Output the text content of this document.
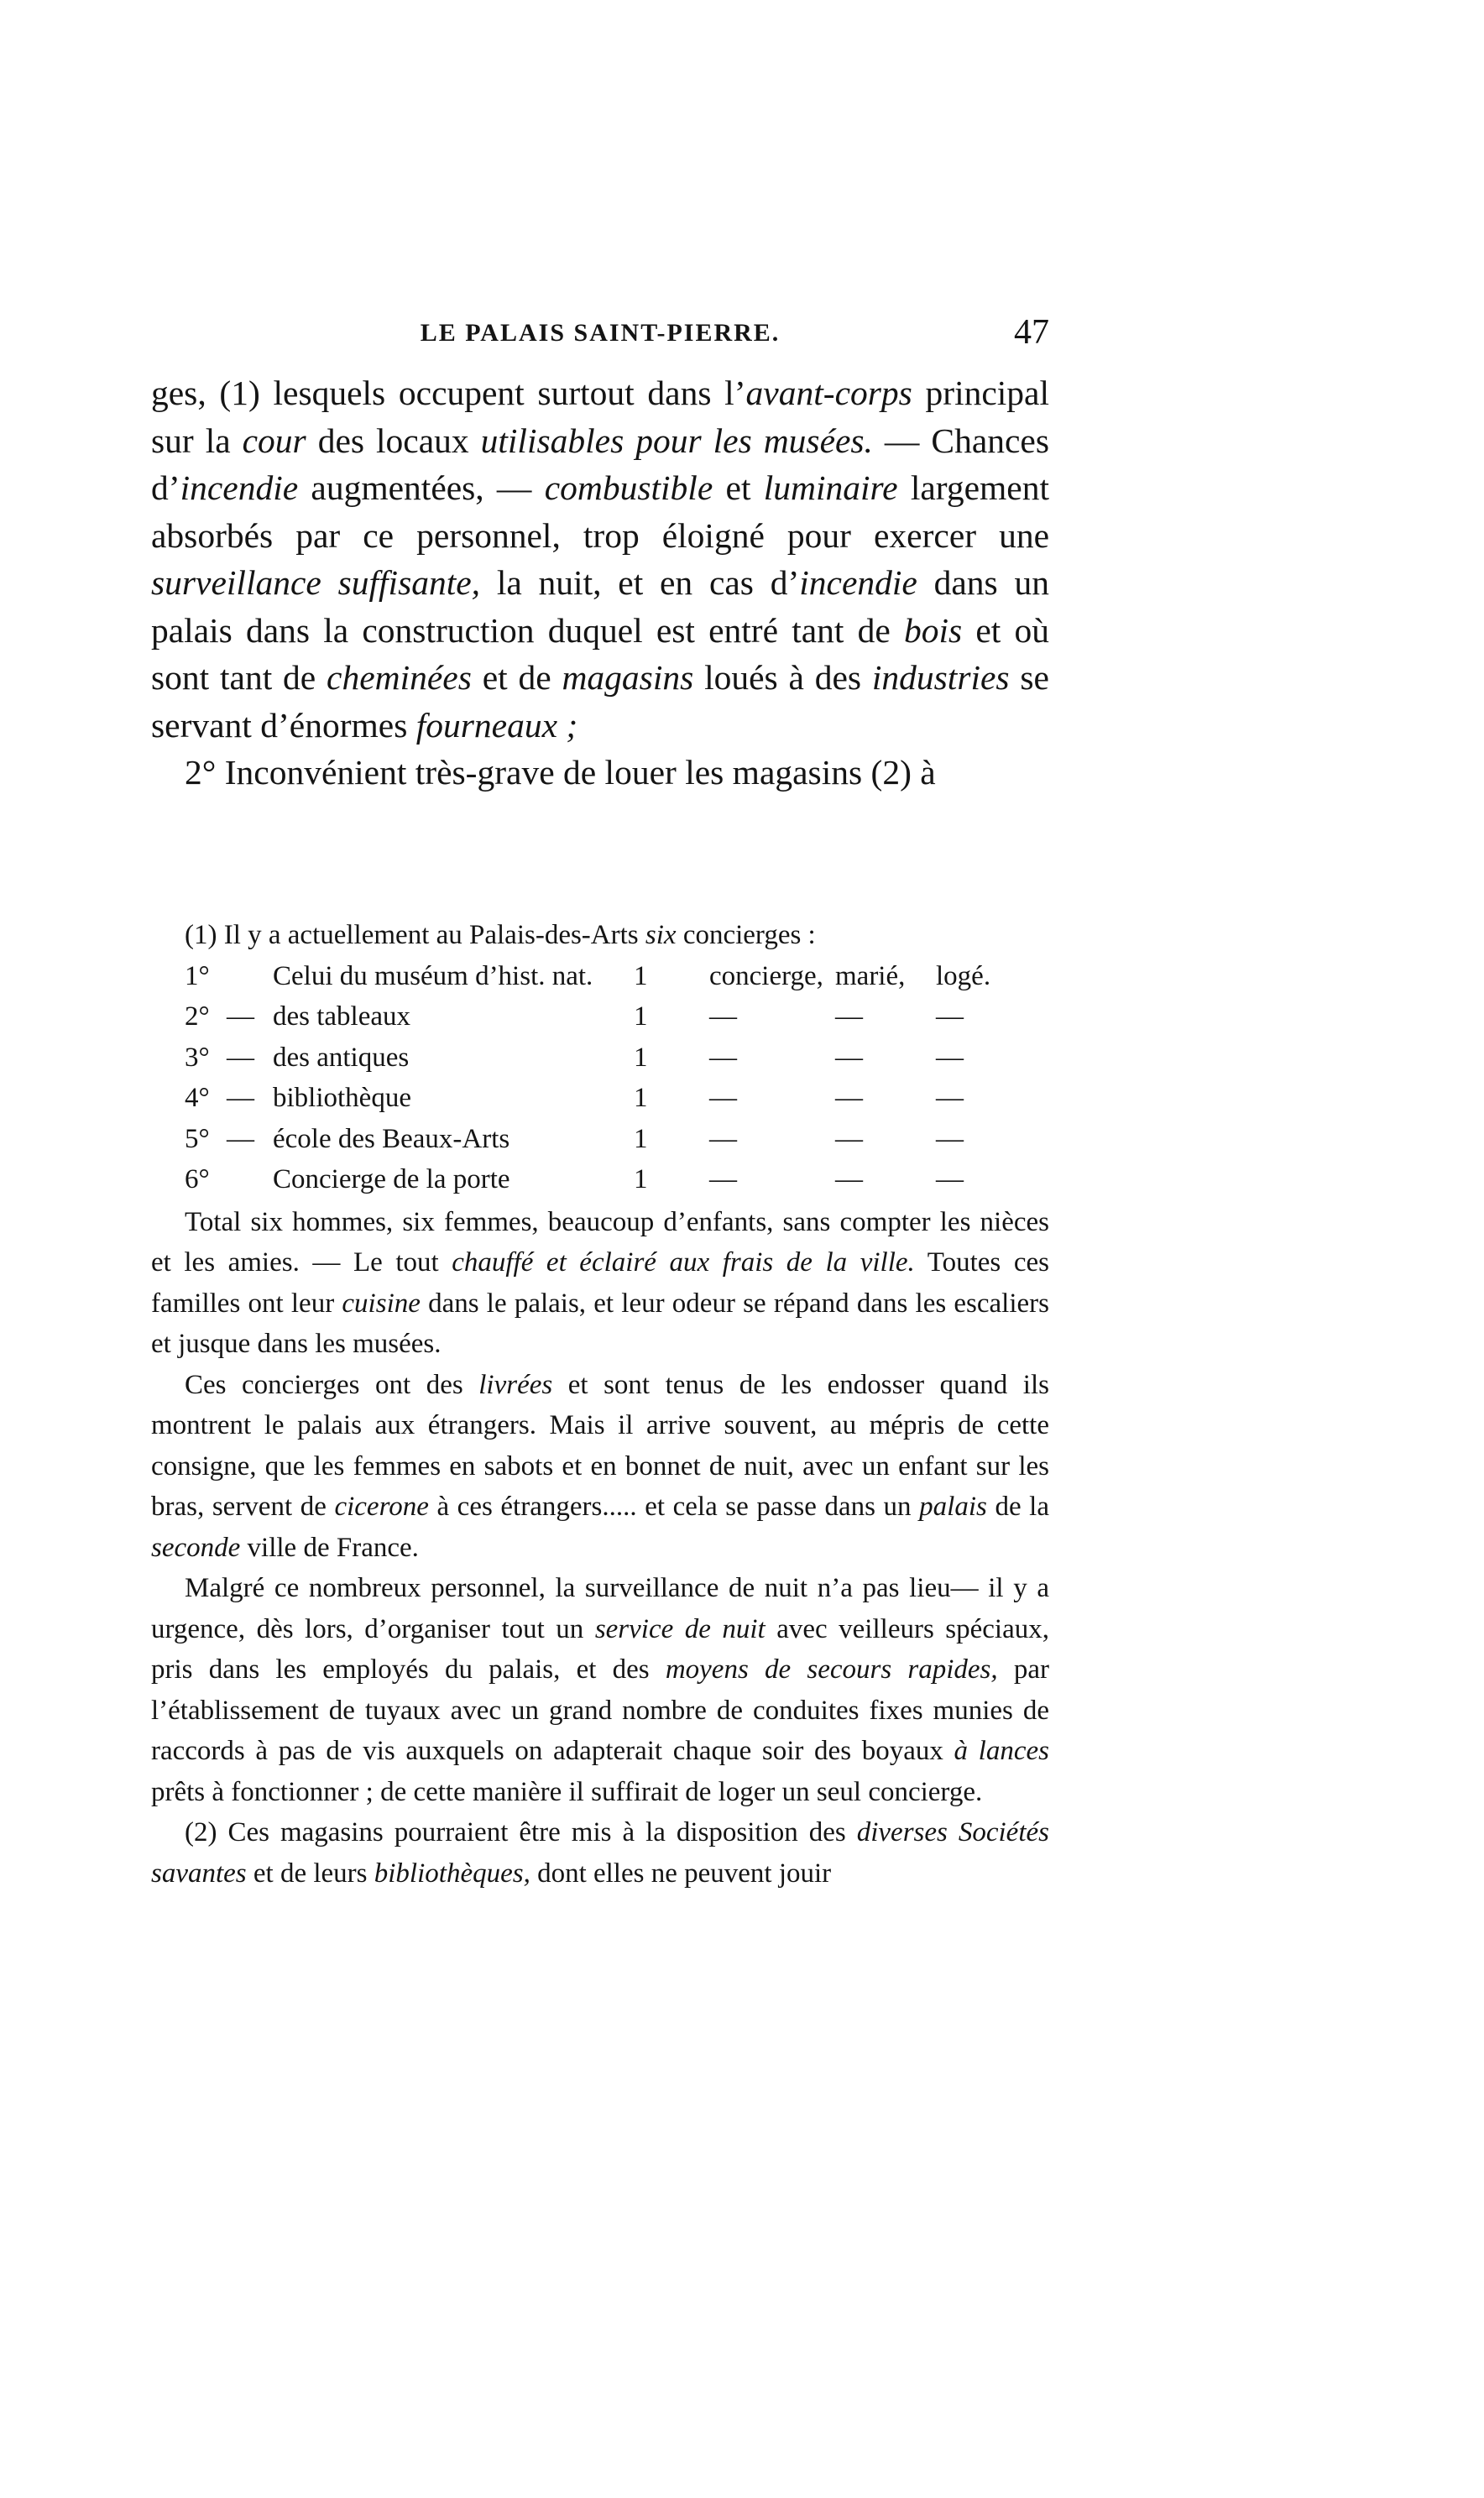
LE PALAIS SAINT-PIERRE.	47

ges, (1) lesquels occupent surtout dans l’avant-corps principal sur la cour des locaux utilisables pour les musées. — Chances d’incendie augmentées, — combustible et luminaire largement absorbés par ce personnel, trop éloigné pour exercer une surveillance suffisante, la nuit, et en cas d’incendie dans un palais dans la construction duquel est entré tant de bois et où sont tant de cheminées et de magasins loués à des industries se servant d’énormes fourneaux ;

2° Inconvénient très-grave de louer les magasins (2) à

(1) Il y a actuellement au Palais-des-Arts six concierges :

1°		Celui du muséum d’hist. nat.	1	concierge,	marié,	logé.
2°	—	des tableaux	1	—	—	—
3°	—	des antiques	1	—	—	—
4°	—	bibliothèque	1	—	—	—
5°	—	école des Beaux-Arts	1	—	—	—
6°		Concierge de la porte	1	—	—	—

Total six hommes, six femmes, beaucoup d’enfants, sans compter les nièces et les amies. — Le tout chauffé et éclairé aux frais de la ville. Toutes ces familles ont leur cuisine dans le palais, et leur odeur se répand dans les escaliers et jusque dans les musées.

Ces concierges ont des livrées et sont tenus de les endosser quand ils montrent le palais aux étrangers. Mais il arrive souvent, au mépris de cette consigne, que les femmes en sabots et en bonnet de nuit, avec un enfant sur les bras, servent de cicerone à ces étrangers..... et cela se passe dans un palais de la seconde ville de France.

Malgré ce nombreux personnel, la surveillance de nuit n’a pas lieu— il y a urgence, dès lors, d’organiser tout un service de nuit avec veilleurs spéciaux, pris dans les employés du palais, et des moyens de secours rapides, par l’établissement de tuyaux avec un grand nombre de conduites fixes munies de raccords à pas de vis auxquels on adapterait chaque soir des boyaux à lances prêts à fonctionner ; de cette manière il suffirait de loger un seul concierge.

(2) Ces magasins pourraient être mis à la disposition des diverses Sociétés savantes et de leurs bibliothèques, dont elles ne peuvent jouir
